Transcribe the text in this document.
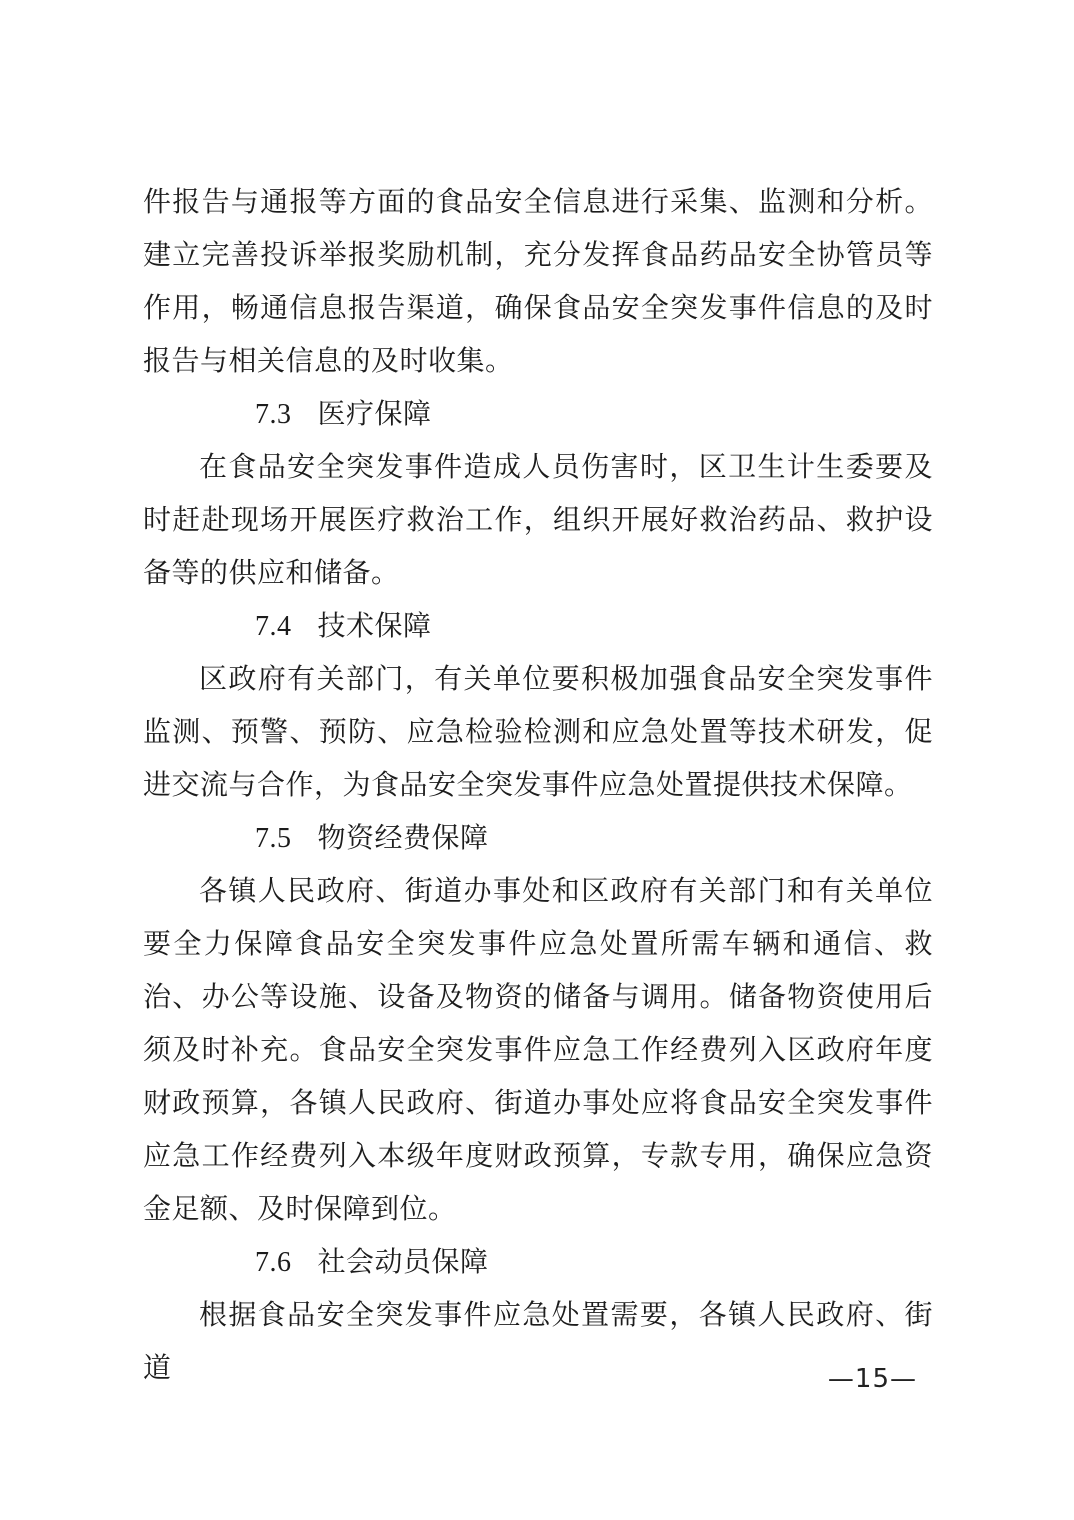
件报告与通报等方面的食品安全信息进行采集、监测和分析。建立完善投诉举报奖励机制，充分发挥食品药品安全协管员等作用，畅通信息报告渠道，确保食品安全突发事件信息的及时报告与相关信息的及时收集。

7.3 医疗保障

在食品安全突发事件造成人员伤害时，区卫生计生委要及时赶赴现场开展医疗救治工作，组织开展好救治药品、救护设备等的供应和储备。

7.4 技术保障

区政府有关部门，有关单位要积极加强食品安全突发事件监测、预警、预防、应急检验检测和应急处置等技术研发，促进交流与合作，为食品安全突发事件应急处置提供技术保障。

7.5 物资经费保障

各镇人民政府、街道办事处和区政府有关部门和有关单位要全力保障食品安全突发事件应急处置所需车辆和通信、救治、办公等设施、设备及物资的储备与调用。储备物资使用后须及时补充。食品安全突发事件应急工作经费列入区政府年度财政预算，各镇人民政府、街道办事处应将食品安全突发事件应急工作经费列入本级年度财政预算，专款专用，确保应急资金足额、及时保障到位。

7.6 社会动员保障

根据食品安全突发事件应急处置需要，各镇人民政府、街道	—15—
